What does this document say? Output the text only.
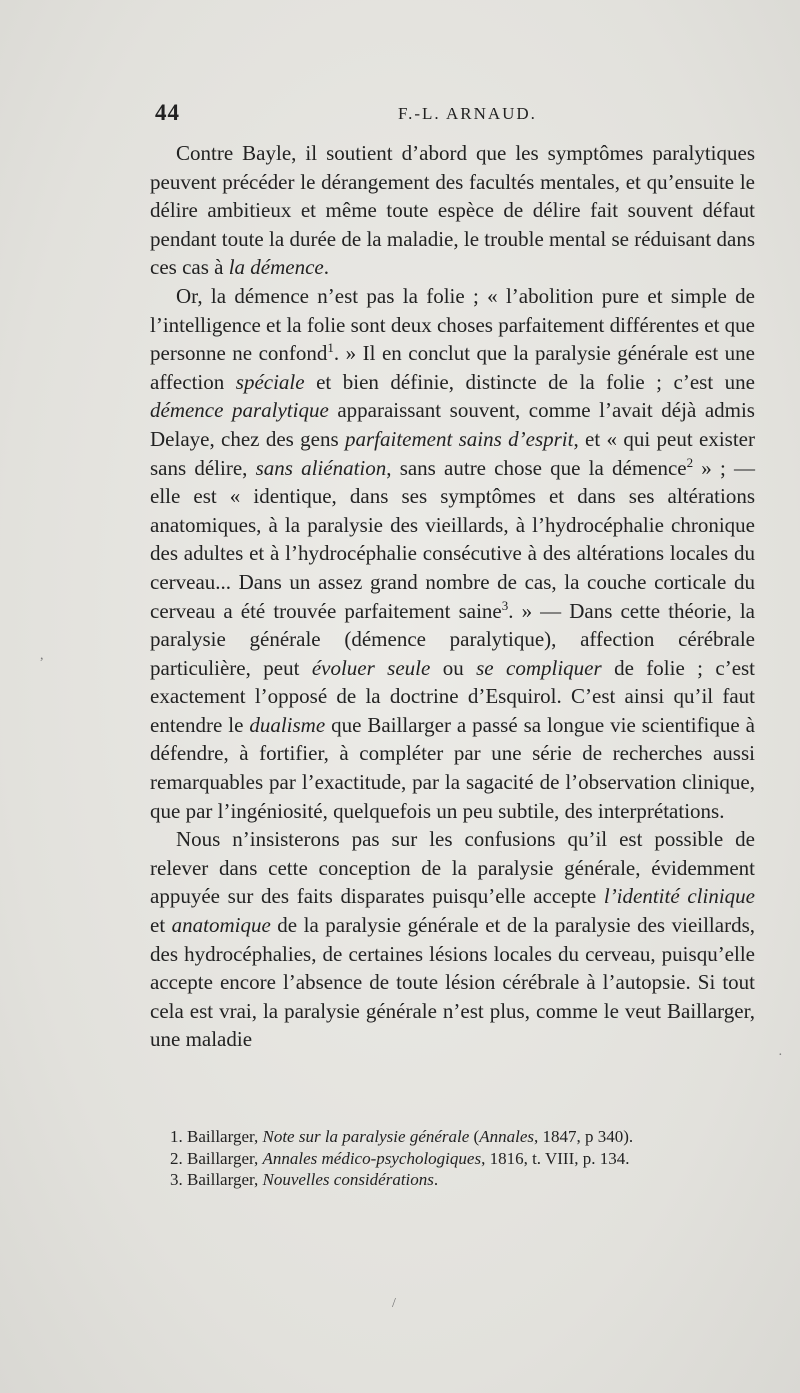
44	F.-L. ARNAUD.

Contre Bayle, il soutient d’abord que les symptômes paralytiques peuvent précéder le dérangement des facultés mentales, et qu’ensuite le délire ambitieux et même toute espèce de délire fait souvent défaut pendant toute la durée de la maladie, le trouble mental se réduisant dans ces cas à la démence.

Or, la démence n’est pas la folie ; « l’abolition pure et simple de l’intelligence et la folie sont deux choses parfaitement différentes et que personne ne confond$^1$. » Il en conclut que la paralysie générale est une affection spéciale et bien définie, distincte de la folie ; c’est une démence paralytique apparaissant souvent, comme l’avait déjà admis Delaye, chez des gens parfaitement sains d’esprit, et « qui peut exister sans délire, sans aliénation, sans autre chose que la démence$^2$ » ; — elle est « identique, dans ses symptômes et dans ses altérations anatomiques, à la paralysie des vieillards, à l’hydrocéphalie chronique des adultes et à l’hydrocéphalie consécutive à des altérations locales du cerveau... Dans un assez grand nombre de cas, la couche corticale du cerveau a été trouvée parfaitement saine$^3$. » — Dans cette théorie, la paralysie générale (démence paralytique), affection cérébrale particulière, peut évoluer seule ou se compliquer de folie ; c’est exactement l’opposé de la doctrine d’Esquirol. C’est ainsi qu’il faut entendre le dualisme que Baillarger a passé sa longue vie scientifique à défendre, à fortifier, à compléter par une série de recherches aussi remarquables par l’exactitude, par la sagacité de l’observation clinique, que par l’ingéniosité, quelquefois un peu subtile, des interprétations.

Nous n’insisterons pas sur les confusions qu’il est possible de relever dans cette conception de la paralysie générale, évidemment appuyée sur des faits disparates puisqu’elle accepte l’identité clinique et anatomique de la paralysie générale et de la paralysie des vieillards, des hydrocéphalies, de certaines lésions locales du cerveau, puisqu’elle accepte encore l’absence de toute lésion cérébrale à l’autopsie. Si tout cela est vrai, la paralysie générale n’est plus, comme le veut Baillarger, une maladie

1. Baillarger, Note sur la paralysie générale (Annales, 1847, p 340).

2. Baillarger, Annales médico-psychologiques, 1816, t. VIII, p. 134.

3. Baillarger, Nouvelles considérations.

,
·
/
